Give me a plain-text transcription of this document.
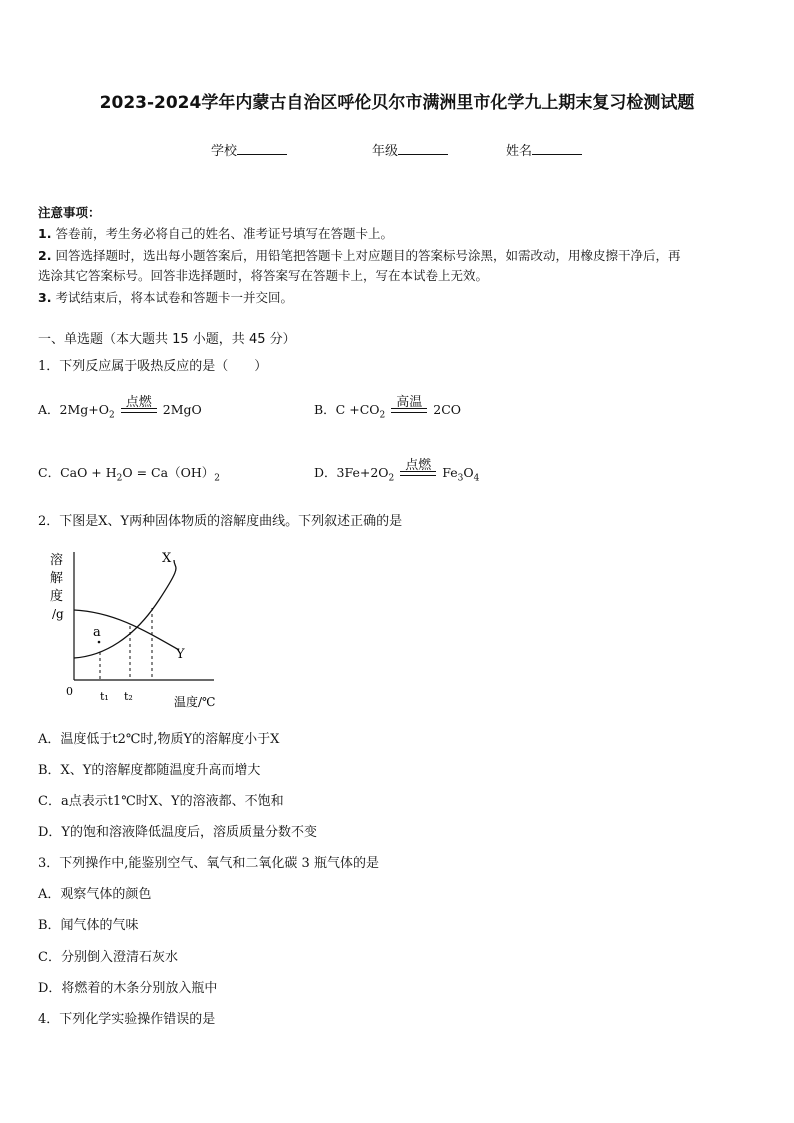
2023-2024学年内蒙古自治区呼伦贝尔市满洲里市化学九上期末复习检测试题
学校	年级	姓名
注意事项：
1. 答卷前，考生务必将自己的姓名、准考证号填写在答题卡上。
2. 回答选择题时，选出每小题答案后，用铅笔把答题卡上对应题目的答案标号涂黑，如需改动，用橡皮擦干净后，再
选涂其它答案标号。回答非选择题时，将答案写在答题卡上，写在本试卷上无效。
3. 考试结束后，将本试卷和答题卡一并交回。
一、单选题（本大题共 15 小题，共 45 分）
1．下列反应属于吸热反应的是（　　）
A．$2Mg+O_2$
点燃 2MgO	B．$C +CO_2$
高温 2CO
C．CaO + $H_2O = Ca(OH)_2$	D．$3Fe+2O_2$
点燃 $Fe_3O_4$
2．下图是X、Y两种固体物质的溶解度曲线。下列叙述正确的是
溶
解
度
/g
X
Y
a
0 t₁ t₂	温度/℃
A．温度低于t2℃时,物质Y的溶解度小于X
B．X、Y的溶解度都随温度升高而增大
C．a点表示t1℃时X、Y的溶液都、不饱和
D．Y的饱和溶液降低温度后，溶质质量分数不变
3．下列操作中,能鉴别空气、氧气和二氧化碳 3 瓶气体的是
A．观察气体的颜色
B．闻气体的气味
C．分别倒入澄清石灰水
D．将燃着的木条分别放入瓶中
4．下列化学实验操作错误的是
